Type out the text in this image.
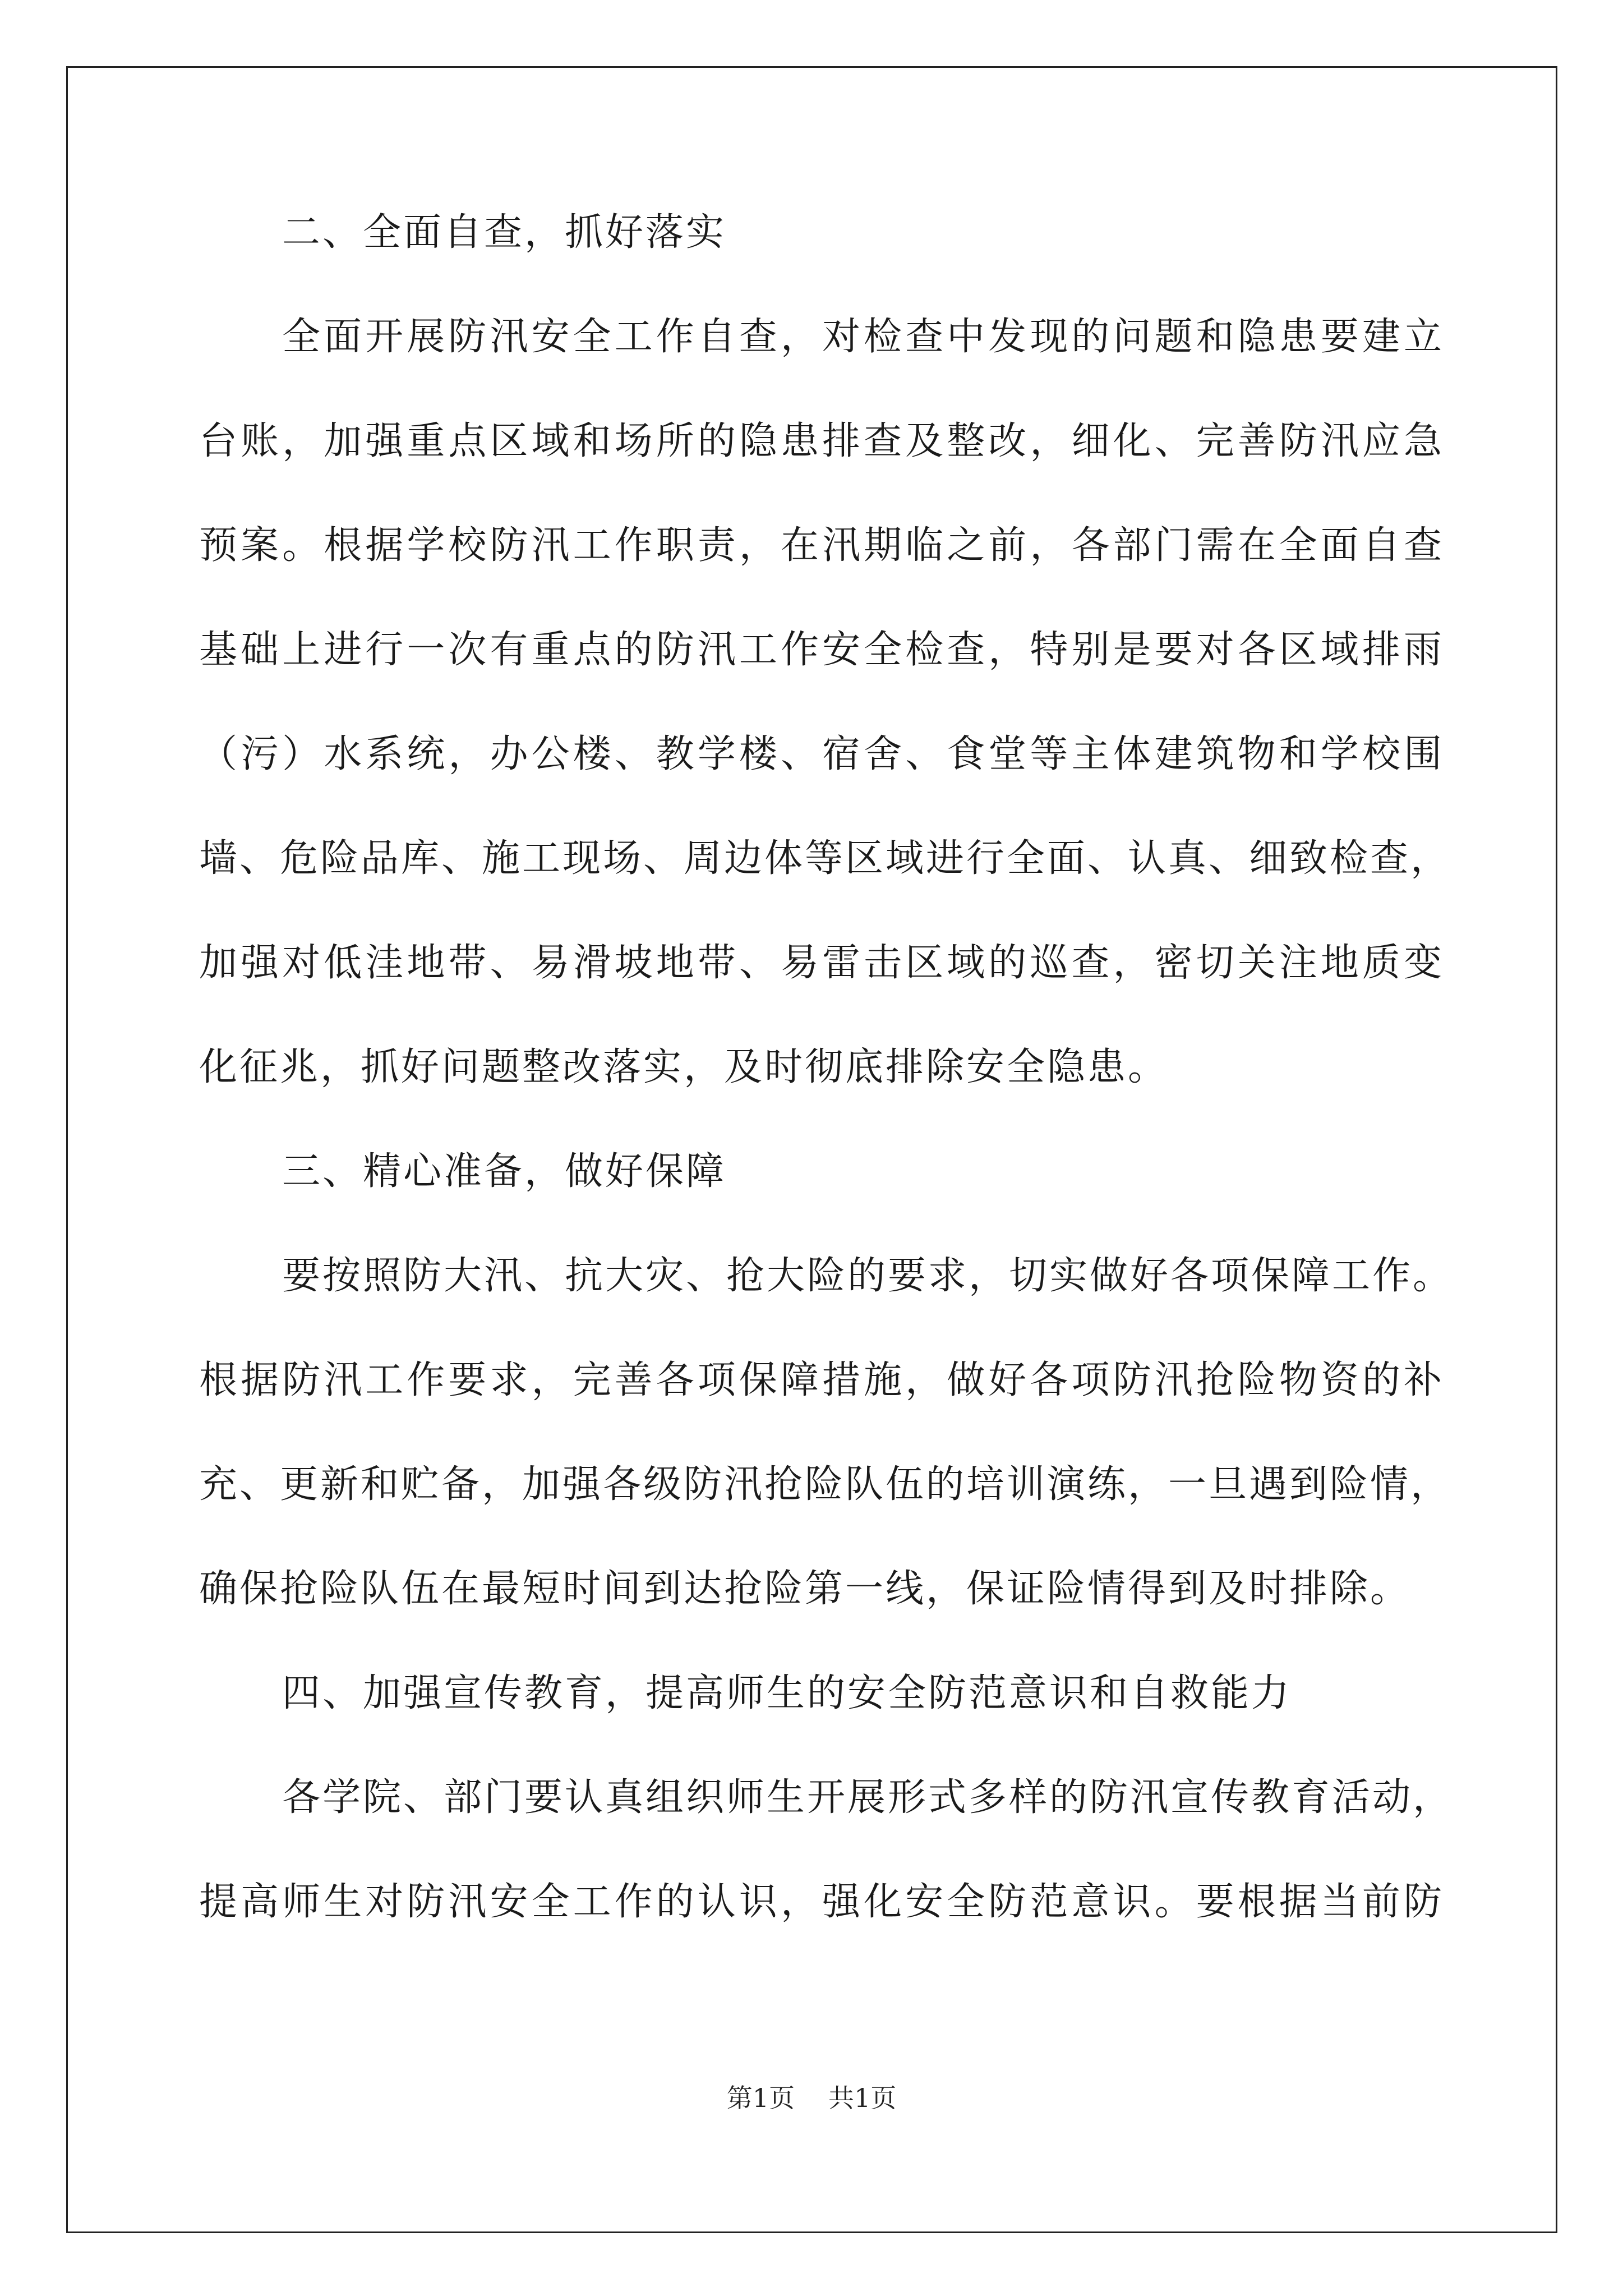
二、全面自查，抓好落实
全面开展防汛安全工作自查，对检查中发现的问题和隐患要建立
台账，加强重点区域和场所的隐患排查及整改，细化、完善防汛应急
预案。根据学校防汛工作职责，在汛期临之前，各部门需在全面自查
基础上进行一次有重点的防汛工作安全检查，特别是要对各区域排雨
（污）水系统，办公楼、教学楼、宿舍、食堂等主体建筑物和学校围
墙、危险品库、施工现场、周边体等区域进行全面、认真、细致检查，
加强对低洼地带、易滑坡地带、易雷击区域的巡查，密切关注地质变
化征兆，抓好问题整改落实，及时彻底排除安全隐患。
三、精心准备，做好保障
要按照防大汛、抗大灾、抢大险的要求，切实做好各项保障工作。
根据防汛工作要求，完善各项保障措施，做好各项防汛抢险物资的补
充、更新和贮备，加强各级防汛抢险队伍的培训演练，一旦遇到险情，
确保抢险队伍在最短时间到达抢险第一线，保证险情得到及时排除。
四、加强宣传教育，提高师生的安全防范意识和自救能力
各学院、部门要认真组织师生开展形式多样的防汛宣传教育活动，
提高师生对防汛安全工作的认识，强化安全防范意识。要根据当前防
第1页 共1页
